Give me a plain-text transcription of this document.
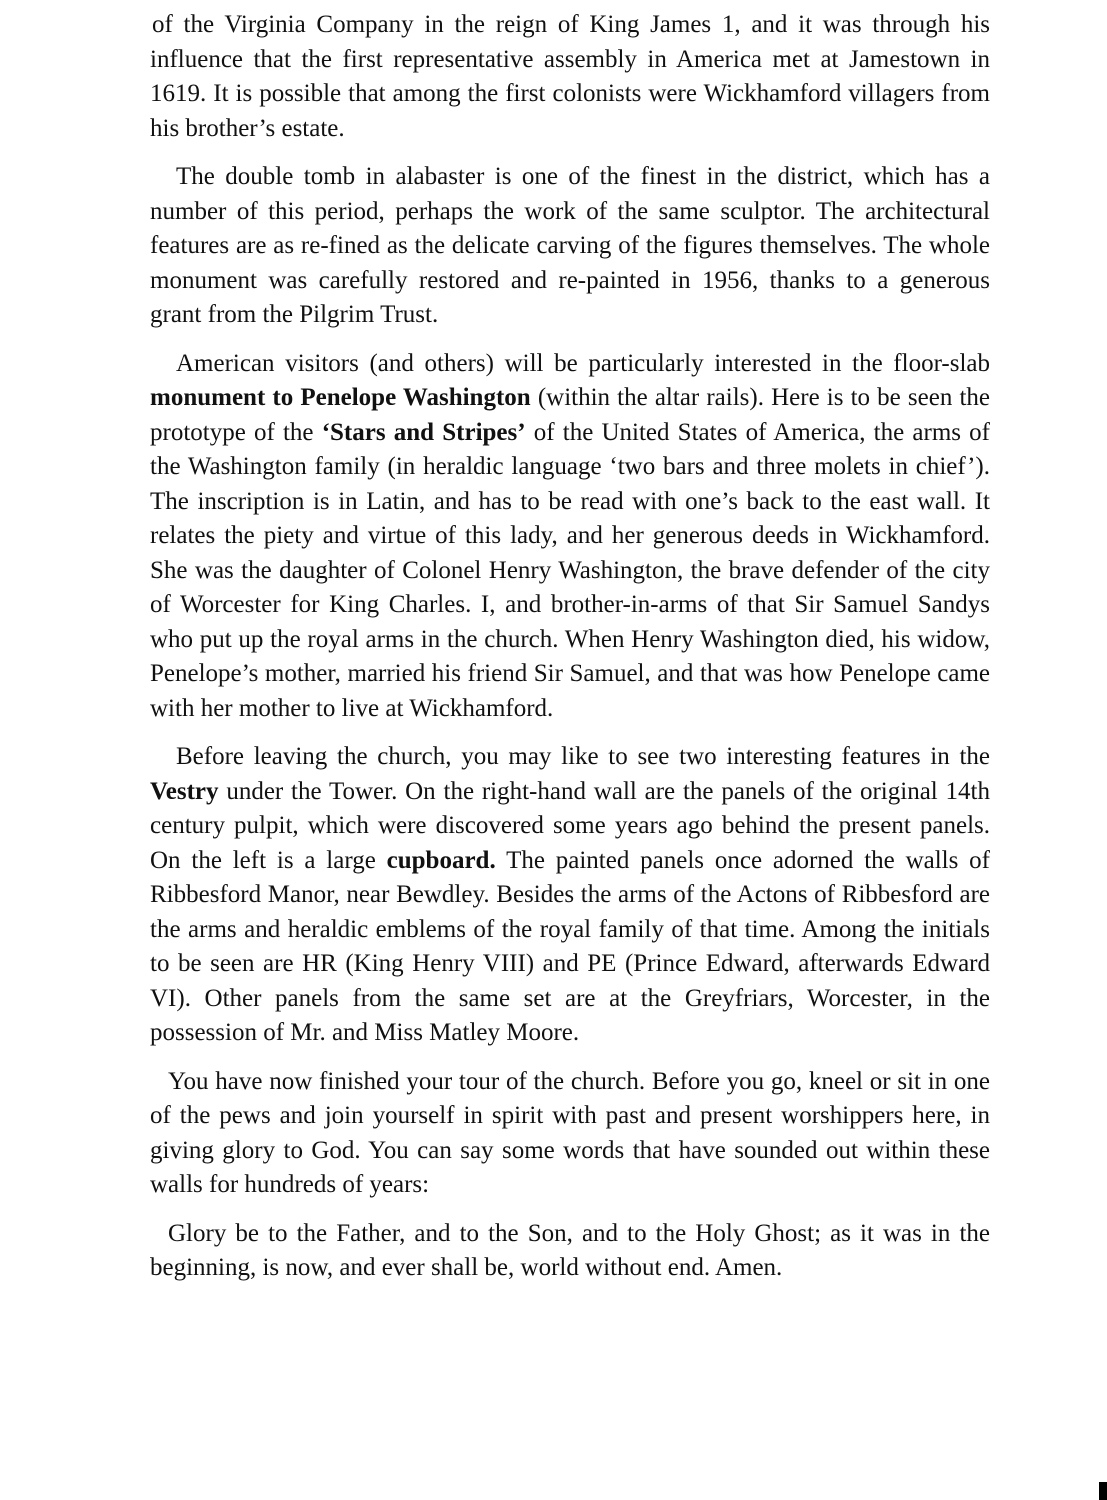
of the Virginia Company in the reign of King James 1, and it was through his influence that the first representative assembly in America met at Jamestown in 1619. It is possible that among the first colonists were Wickhamford villagers from his brother’s estate.

The double tomb in alabaster is one of the finest in the district, which has a number of this period, perhaps the work of the same sculptor. The architectural features are as re-fined as the delicate carving of the figures themselves. The whole monument was carefully restored and re-painted in 1956, thanks to a generous grant from the Pilgrim Trust.

American visitors (and others) will be particularly interested in the floor-slab monument to Penelope Washington (within the altar rails). Here is to be seen the prototype of the ‘Stars and Stripes’ of the United States of America, the arms of the Washington family (in heraldic language ‘two bars and three molets in chief’). The inscription is in Latin, and has to be read with one’s back to the east wall. It relates the piety and virtue of this lady, and her generous deeds in Wickhamford. She was the daughter of Colonel Henry Washington, the brave defender of the city of Worcester for King Charles. I, and brother-in-arms of that Sir Samuel Sandys who put up the royal arms in the church. When Henry Washington died, his widow, Penelope’s mother, married his friend Sir Samuel, and that was how Penelope came with her mother to live at Wickhamford.

Before leaving the church, you may like to see two interesting features in the Vestry under the Tower. On the right-hand wall are the panels of the original 14th century pulpit, which were discovered some years ago behind the present panels. On the left is a large cupboard. The painted panels once adorned the walls of Ribbesford Manor, near Bewdley. Besides the arms of the Actons of Ribbesford are the arms and heraldic emblems of the royal family of that time. Among the initials to be seen are HR (King Henry VIII) and PE (Prince Edward, afterwards Edward VI). Other panels from the same set are at the Greyfriars, Worcester, in the possession of Mr. and Miss Matley Moore.

You have now finished your tour of the church. Before you go, kneel or sit in one of the pews and join yourself in spirit with past and present worshippers here, in giving glory to God. You can say some words that have sounded out within these walls for hundreds of years:

Glory be to the Father, and to the Son, and to the Holy Ghost; as it was in the beginning, is now, and ever shall be, world without end. Amen.
